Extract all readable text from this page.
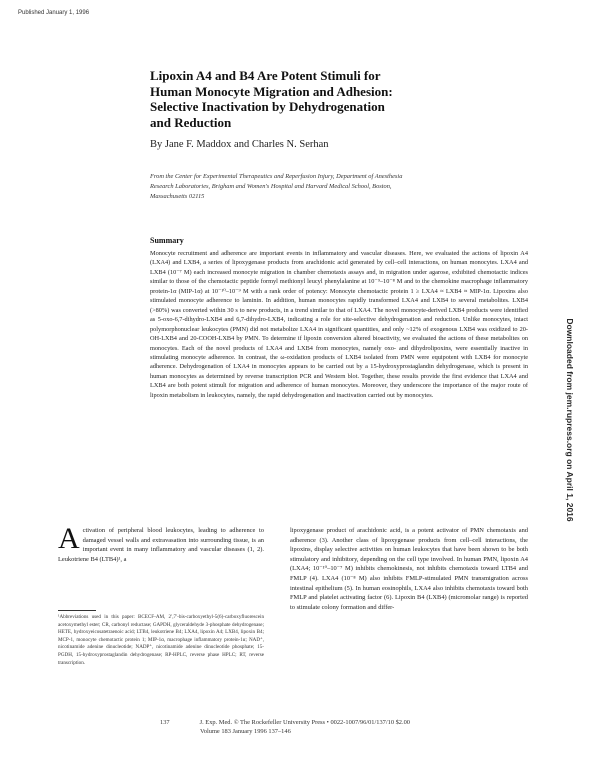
Published January 1, 1996
Lipoxin A4 and B4 Are Potent Stimuli for
Human Monocyte Migration and Adhesion:
Selective Inactivation by Dehydrogenation
and Reduction
By Jane F. Maddox and Charles N. Serhan
From the Center for Experimental Therapeutics and Reperfusion Injury, Department of Anesthesia
Research Laboratories, Brigham and Women's Hospital and Harvard Medical School, Boston,
Massachusetts 02115
Summary
Monocyte recruitment and adherence are important events in inflammatory and vascular diseases. Here, we evaluated the actions of lipoxin A4 (LXA4) and LXB4, a series of lipoxygenase products from arachidonic acid generated by cell–cell interactions, on human monocytes. LXA4 and LXB4 (10⁻⁷ M) each increased monocyte migration in chamber chemotaxis assays and, in migration under agarose, exhibited chemotactic indices similar to those of the chemotactic peptide formyl methionyl leucyl phenylalanine at 10⁻⁹–10⁻⁸ M and to the chemokine macrophage inflammatory protein-1α (MIP-1α) at 10⁻¹⁰–10⁻⁹ M with a rank order of potency: Monocyte chemotactic protein 1 ≥ LXA4 ≈ LXB4 ≈ MIP-1α. Lipoxins also stimulated monocyte adherence to laminin. In addition, human monocytes rapidly transformed LXA4 and LXB4 to several metabolites. LXB4 (>80%) was converted within 30 s to new products, in a trend similar to that of LXA4. The novel monocyte-derived LXB4 products were identified as 5-oxo-6,7-dihydro-LXB4 and 6,7-dihydro-LXB4, indicating a role for site-selective dehydrogenation and reduction. Unlike monocytes, intact polymorphonuclear leukocytes (PMN) did not metabolize LXA4 in significant quantities, and only ~12% of exogenous LXB4 was oxidized to 20-OH-LXB4 and 20-COOH-LXB4 by PMN. To determine if lipoxin conversion altered bioactivity, we evaluated the actions of these metabolites on monocytes. Each of the novel products of LXA4 and LXB4 from monocytes, namely oxo- and dihydrolipoxins, were essentially inactive in stimulating monocyte adherence. In contrast, the ω-oxidation products of LXB4 isolated from PMN were equipotent with LXB4 for monocyte adherence. Dehydrogenation of LXA4 in monocytes appears to be carried out by a 15-hydroxyprostaglandin dehydrogenase, which is present in human monocytes as determined by reverse transcription PCR and Western blot. Together, these results provide the first evidence that LXA4 and LXB4 are both potent stimuli for migration and adherence of human monocytes. Moreover, they underscore the importance of the major route of lipoxin metabolism in leukocytes, namely, the rapid dehydrogenation and inactivation carried out by monocytes.
A ctivation of peripheral blood leukocytes, leading to adherence to damaged vessel walls and extravasation into surrounding tissue, is an important event in many inflammatory and vascular diseases (1, 2). Leukotriene B4 (LTB4)¹, a
lipoxygenase product of arachidonic acid, is a potent activator of PMN chemotaxis and adherence (3). Another class of lipoxygenase products from cell–cell interactions, the lipoxins, display selective activities on human leukocytes that have been shown to be both stimulatory and inhibitory, depending on the cell type involved. In human PMN, lipoxin A4 (LXA4; 10⁻¹⁰–10⁻⁷ M) inhibits chemokinesis, not inhibits chemotaxis toward LTB4 and FMLP (4). LXA4 (10⁻⁸ M) also inhibits FMLP-stimulated PMN transmigration across intestinal epithelium (5). In human eosinophils, LXA4 also inhibits chemotaxis toward both FMLP and platelet activating factor (6). Lipoxin B4 (LXB4) (micromolar range) is reported to stimulate colony formation and differ-
¹Abbreviations used in this paper: BCECF-AM, 2′,7′-bis-carboxyethyl-5(6)-carboxyfluorescein acetoxymethyl ester; CR, carbonyl reductase; GAPDH, glyceraldehyde 3-phosphate dehydrogenase; HETE, hydroxyeicosatetraenoic acid; LTB4, leukotriene B4; LXA4, lipoxin A4; LXB4, lipoxin B4; MCP-1, monocyte chemotactic protein 1; MIP-1α, macrophage inflammatory protein-1α; NAD⁺, nicotinamide adenine dinucleotide; NADP⁺, nicotinamide adenine dinucleotide phosphate; 15-PGDH, 15-hydroxyprostaglandin dehydrogenase; RP-HPLC, reverse phase HPLC; RT, reverse transcription.
137	J. Exp. Med. © The Rockefeller University Press • 0022-1007/96/01/137/10 $2.00
Volume 183 January 1996 137–146
Downloaded from jem.rupress.org on April 1, 2016
